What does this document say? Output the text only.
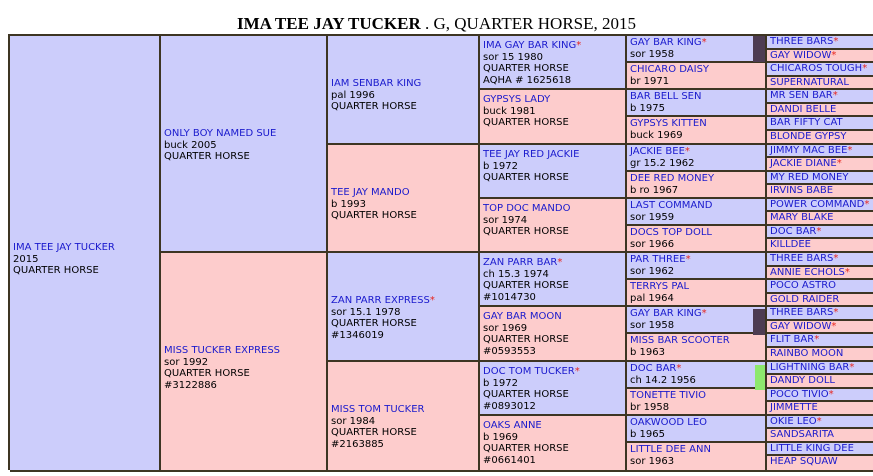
IMA TEE JAY TUCKER . G, QUARTER HORSE, 2015
IMA TEE JAY TUCKER
2015
QUARTER HORSE
ONLY BOY NAMED SUE
buck 2005
QUARTER HORSE
MISS TUCKER EXPRESS
sor 1992
QUARTER HORSE
#3122886
IAM SENBAR KING
pal 1996
QUARTER HORSE
TEE JAY MANDO
b 1993
QUARTER HORSE
ZAN PARR EXPRESS*
sor 15.1 1978
QUARTER HORSE
#1346019
MISS TOM TUCKER
sor 1984
QUARTER HORSE
#2163885
IMA GAY BAR KING*
sor 15 1980
QUARTER HORSE
AQHA # 1625618
GYPSYS LADY
buck 1981
QUARTER HORSE
TEE JAY RED JACKIE
b 1972
QUARTER HORSE
TOP DOC MANDO
sor 1974
QUARTER HORSE
ZAN PARR BAR*
ch 15.3 1974
QUARTER HORSE
#1014730
GAY BAR MOON
sor 1969
QUARTER HORSE
#0593553
DOC TOM TUCKER*
b 1972
QUARTER HORSE
#0893012
OAKS ANNE
b 1969
QUARTER HORSE
#0661401
GAY BAR KING*
sor 1958
CHICARO DAISY
br 1971
BAR BELL SEN
b 1975
GYPSYS KITTEN
buck 1969
JACKIE BEE*
gr 15.2 1962
DEE RED MONEY
b ro 1967
LAST COMMAND
sor 1959
DOCS TOP DOLL
sor 1966
PAR THREE*
sor 1962
TERRYS PAL
pal 1964
GAY BAR KING*
sor 1958
MISS BAR SCOOTER
b 1963
DOC BAR*
ch 14.2 1956
TONETTE TIVIO
br 1958
OAKWOOD LEO
b 1965
LITTLE DEE ANN
sor 1963
THREE BARS*
GAY WIDOW*
CHICAROS TOUGH*
SUPERNATURAL
MR SEN BAR*
DANDI BELLE
BAR FIFTY CAT
BLONDE GYPSY
JIMMY MAC BEE*
JACKIE DIANE*
MY RED MONEY
IRVINS BABE
POWER COMMAND*
MARY BLAKE
DOC BAR*
KILLDEE
THREE BARS*
ANNIE ECHOLS*
POCO ASTRO
GOLD RAIDER
THREE BARS*
GAY WIDOW*
FLIT BAR*
RAINBO MOON
LIGHTNING BAR*
DANDY DOLL
POCO TIVIO*
JIMMETTE
OKIE LEO*
SANDSARITA
LITTLE KING DEE
HEAP SQUAW
